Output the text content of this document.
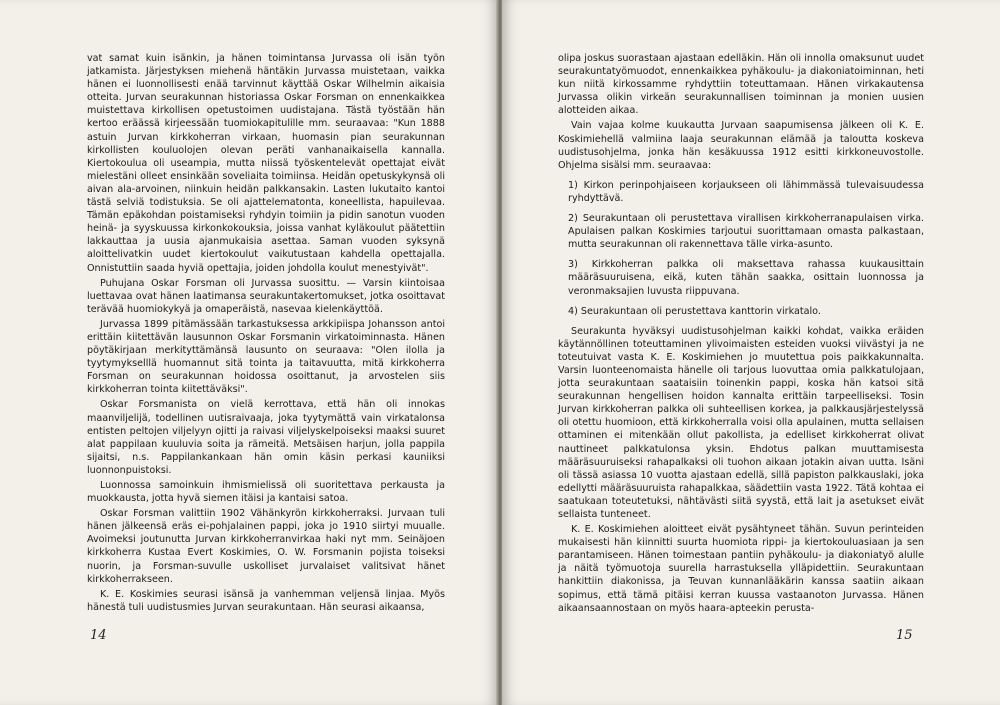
vat samat kuin isänkin, ja hänen toimintansa Jurvassa oli isän työn jatkamista. Järjestyksen miehenä häntäkin Jurvassa muistetaan, vaikka hänen ei luonnollisesti enää tarvinnut käyttää Oskar Wilhelmin aikaisia otteita. Jurvan seurakunnan historiassa Oskar Forsman on ennenkaikkea muistettava kirkollisen opetustoimen uudistajana. Tästä työstään hän kertoo eräässä kirjeessään tuomiokapitulille mm. seuraavaa: "Kun 1888 astuin Jurvan kirkkoherran virkaan, huomasin pian seurakunnan kirkollisten kouluolojen olevan peräti vanhanaikaisella kannalla. Kiertokoulua oli useampia, mutta niissä työskentelevät opettajat eivät mielestäni olleet ensinkään soveliaita toimiinsa. Heidän opetuskykynsä oli aivan ala-arvoinen, niinkuin heidän palkkansakin. Lasten lukutaito kantoi tästä selviä todistuksia. Se oli ajattelematonta, koneellista, hapuilevaa. Tämän epäkohdan poistamiseksi ryhdyin toimiin ja pidin sanotun vuoden heinä- ja syyskuussa kirkonkokouksia, joissa vanhat kyläkoulut päätettiin lakkauttaa ja uusia ajanmukaisia asettaa. Saman vuoden syksynä aloittelivatkin uudet kiertokoulut vaikutustaan kahdella opettajalla. Onnistuttiin saada hyviä opettajia, joiden johdolla koulut menestyivät".

Puhujana Oskar Forsman oli Jurvassa suosittu. — Varsin kiintoisaa luettavaa ovat hänen laatimansa seurakuntakertomukset, jotka osoittavat terävää huomiokykyä ja omaperäistä, nasevaa kielenkäyttöä.

Jurvassa 1899 pitämässään tarkastuksessa arkkipiispa Johansson antoi erittäin kiitettävän lausunnon Oskar Forsmanin virkatoiminnasta. Hänen pöytäkirjaan merkityttämänsä lausunto on seuraava: "Olen ilolla ja tyytymykselllä huomannut sitä tointa ja taitavuutta, mitä kirkkoherra Forsman on seurakunnan hoidossa osoittanut, ja arvostelen siis kirkkoherran tointa kiitettäväksi".

Oskar Forsmanista on vielä kerrottava, että hän oli innokas maanviljelijä, todellinen uutisraivaaja, joka tyytymättä vain virkatalonsa entisten peltojen viljelyyn ojitti ja raivasi viljelyskelpoiseksi maaksi suuret alat pappilaan kuuluvia soita ja rämeitä. Metsäisen harjun, jolla pappila sijaitsi, n.s. Pappilankankaan hän omin käsin perkasi kauniiksi luonnonpuistoksi.

Luonnossa samoinkuin ihmismielissä oli suoritettava perkausta ja muokkausta, jotta hyvä siemen itäisi ja kantaisi satoa.

Oskar Forsman valittiin 1902 Vähänkyrön kirkkoherraksi. Jurvaan tuli hänen jälkeensä eräs ei-pohjalainen pappi, joka jo 1910 siirtyi muualle. Avoimeksi joutunutta Jurvan kirkkoherranvirkaa haki nyt mm. Seinäjoen kirkkoherra Kustaa Evert Koskimies, O. W. Forsmanin pojista toiseksi nuorin, ja Forsman-suvulle uskolliset jurvalaiset valitsivat hänet kirkkoherrakseen.

K. E. Koskimies seurasi isänsä ja vanhemman veljensä linjaa. Myös hänestä tuli uudistusmies Jurvan seurakuntaan. Hän seurasi aikaansa,

14

olipa joskus suorastaan ajastaan edelläkin. Hän oli innolla omaksunut uudet seurakuntatyömuodot, ennenkaikkea pyhäkoulu- ja diakoniatoiminnan, heti kun niitä kirkossamme ryhdyttiin toteuttamaan. Hänen virkakautensa Jurvassa olikin virkeän seurakunnallisen toiminnan ja monien uusien alotteiden aikaa.

Vain vajaa kolme kuukautta Jurvaan saapumisensa jälkeen oli K. E. Koskimiehellä valmiina laaja seurakunnan elämää ja taloutta koskeva uudistusohjelma, jonka hän kesäkuussa 1912 esitti kirkkoneuvostolle. Ohjelma sisälsi mm. seuraavaa:

1) Kirkon perinpohjaiseen korjaukseen oli lähimmässä tulevaisuudessa ryhdyttävä.
2) Seurakuntaan oli perustettava virallisen kirkkoherranapulaisen virka. Apulaisen palkan Koskimies tarjoutui suorittamaan omasta palkastaan, mutta seurakunnan oli rakennettava tälle virka-asunto.
3) Kirkkoherran palkka oli maksettava rahassa kuukausittain määräsuuruisena, eikä, kuten tähän saakka, osittain luonnossa ja veronmaksajien luvusta riippuvana.
4) Seurakuntaan oli perustettava kanttorin virkatalo.

Seurakunta hyväksyi uudistusohjelman kaikki kohdat, vaikka eräiden käytännöllinen toteuttaminen ylivoimaisten esteiden vuoksi viivästyi ja ne toteutuivat vasta K. E. Koskimiehen jo muutettua pois paikkakunnalta. Varsin luonteenomaista hänelle oli tarjous luovuttaa omia palkkatulojaan, jotta seurakuntaan saataisiin toinenkin pappi, koska hän katsoi sitä seurakunnan hengellisen hoidon kannalta erittäin tarpeelliseksi. Tosin Jurvan kirkkoherran palkka oli suhteellisen korkea, ja palkkausjärjestelyssä oli otettu huomioon, että kirkkoherralla voisi olla apulainen, mutta sellaisen ottaminen ei mitenkään ollut pakollista, ja edelliset kirkkoherrat olivat nauttineet palkkatulonsa yksin. Ehdotus palkan muuttamisesta määräsuuruiseksi rahapalkaksi oli tuohon aikaan jotakin aivan uutta. Isäni oli tässä asiassa 10 vuotta ajastaan edellä, sillä papiston palkkauslaki, joka edellytti määräsuuruista rahapalkkaa, säädettiin vasta 1922. Tätä kohtaa ei saatukaan toteutetuksi, nähtävästi siitä syystä, että lait ja asetukset eivät sellaista tunteneet.

K. E. Koskimiehen aloitteet eivät pysähtyneet tähän. Suvun perinteiden mukaisesti hän kiinnitti suurta huomiota rippi- ja kiertokouluasiaan ja sen parantamiseen. Hänen toimestaan pantiin pyhäkoulu- ja diakoniatyö alulle ja näitä työmuotoja suurella harrastuksella ylläpidettiin. Seurakuntaan hankittiin diakonissa, ja Teuvan kunnanlääkärin kanssa saatiin aikaan sopimus, että tämä pitäisi kerran kuussa vastaanoton Jurvassa. Hänen aikaansaannostaan on myös haara-apteekin perusta-

15
